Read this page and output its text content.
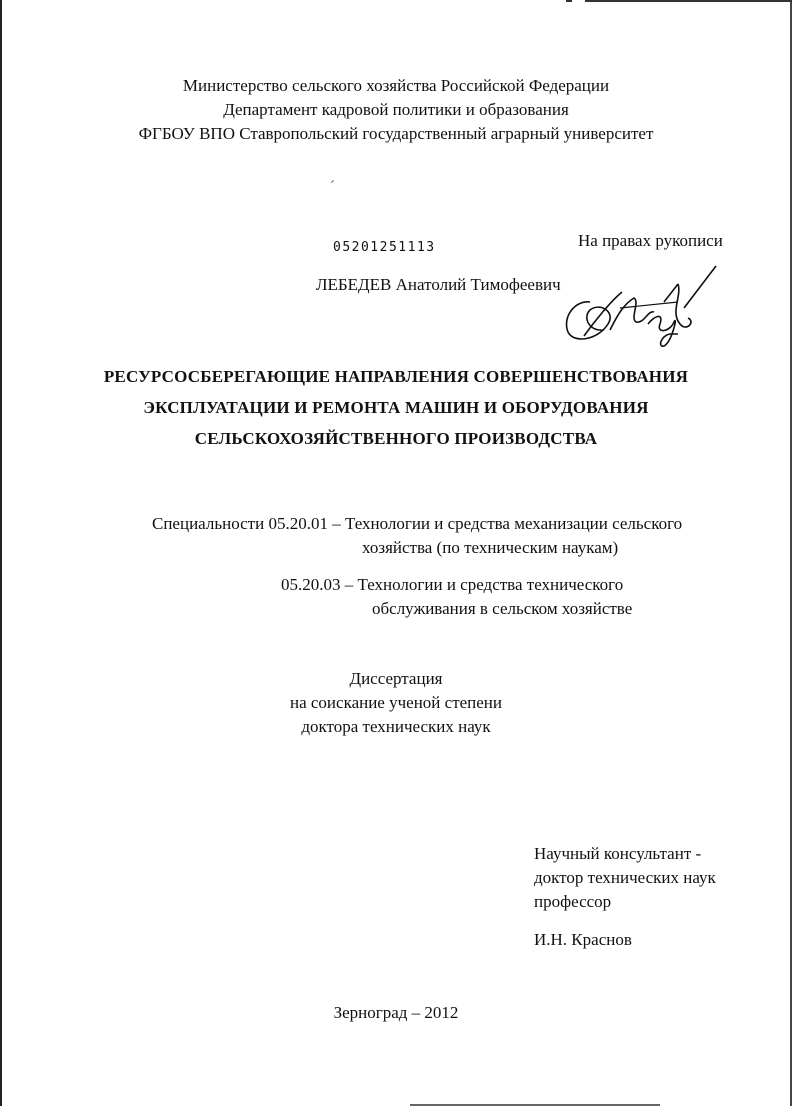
Министерство сельского хозяйства Российской Федерации
Департамент кадровой политики и образования
ФГБОУ ВПО Ставропольский государственный аграрный университет
05201251113	На правах рукописи
ЛЕБЕДЕВ Анатолий Тимофеевич
РЕСУРСОСБЕРЕГАЮЩИЕ НАПРАВЛЕНИЯ СОВЕРШЕНСТВОВАНИЯ
ЭКСПЛУАТАЦИИ И РЕМОНТА МАШИН И ОБОРУДОВАНИЯ
СЕЛЬСКОХОЗЯЙСТВЕННОГО ПРОИЗВОДСТВА
Специальности 05.20.01 – Технологии и средства механизации сельского
хозяйства (по техническим наукам)
05.20.03 – Технологии и средства технического
обслуживания в сельском хозяйстве
Диссертация
на соискание ученой степени
доктора технических наук
Научный консультант -
доктор технических наук
профессор
И.Н. Краснов
Зерноград – 2012
